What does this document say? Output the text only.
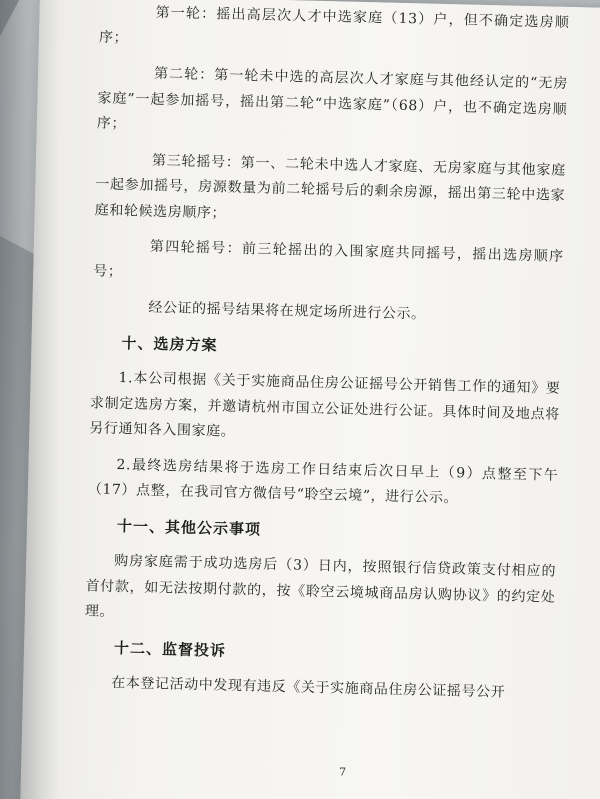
第一轮：摇出高层次人才中选家庭（13）户，但不确定选房顺序；

第二轮：第一轮未中选的高层次人才家庭与其他经认定的“无房家庭”一起参加摇号，摇出第二轮“中选家庭”（68）户，也不确定选房顺序；

第三轮摇号：第一、二轮未中选人才家庭、无房家庭与其他家庭一起参加摇号，房源数量为前二轮摇号后的剩余房源，摇出第三轮中选家庭和轮候选房顺序；

第四轮摇号：前三轮摇出的入围家庭共同摇号，摇出选房顺序号；

经公证的摇号结果将在规定场所进行公示。

十、选房方案

1.本公司根据《关于实施商品住房公证摇号公开销售工作的通知》要求制定选房方案，并邀请杭州市国立公证处进行公证。具体时间及地点将另行通知各入围家庭。

2.最终选房结果将于选房工作日结束后次日早上（9）点整至下午（17）点整，在我司官方微信号“聆空云境”，进行公示。

十一、其他公示事项

购房家庭需于成功选房后（3）日内，按照银行信贷政策支付相应的首付款，如无法按期付款的，按《聆空云境城商品房认购协议》的约定处理。

十二、监督投诉

在本登记活动中发现有违反《关于实施商品住房公证摇号公开

7
